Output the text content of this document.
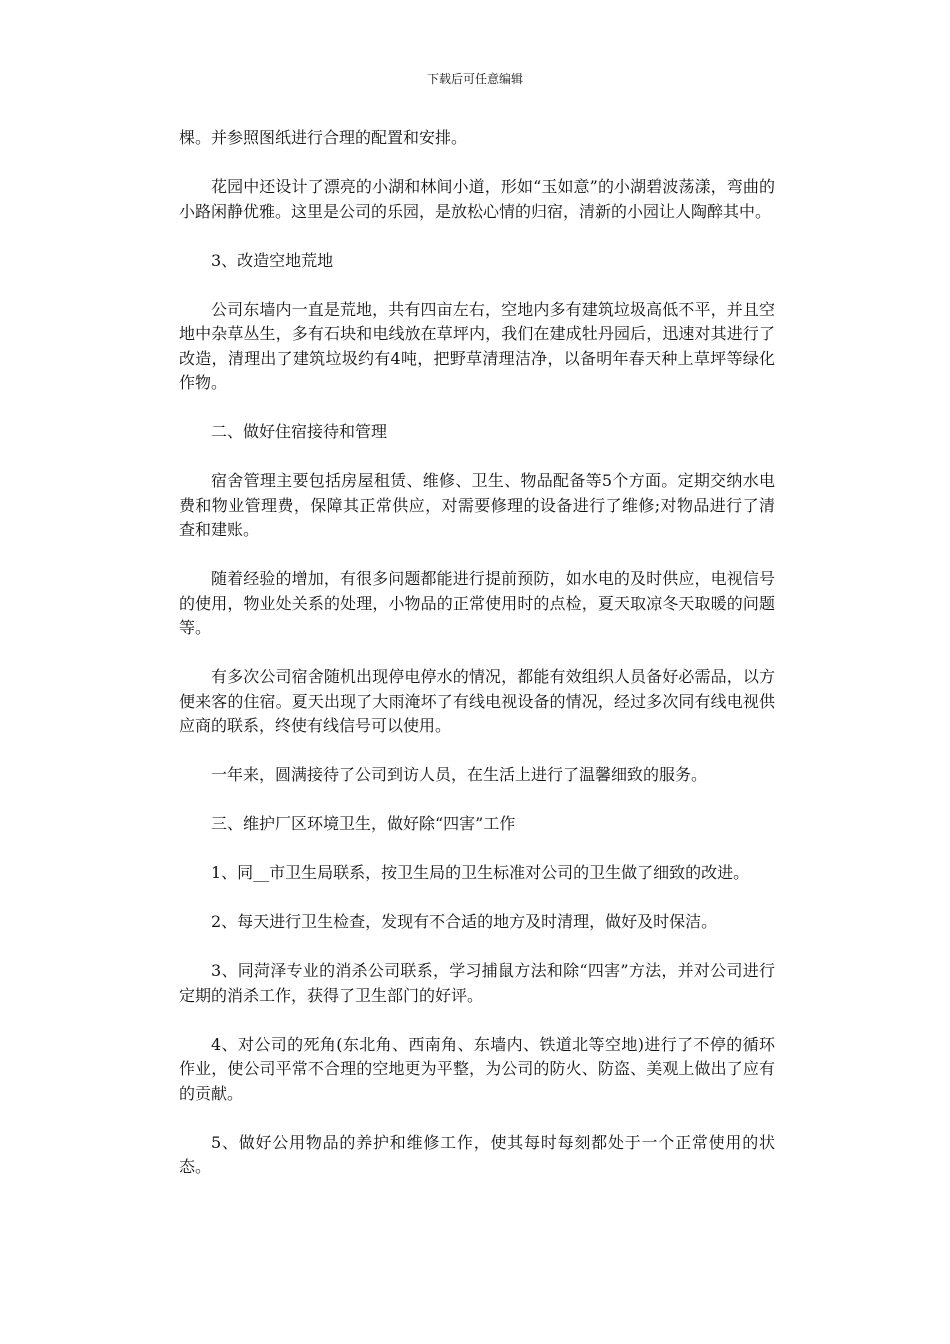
下载后可任意编辑

棵。并参照图纸进行合理的配置和安排。

花园中还设计了漂亮的小湖和林间小道，形如“玉如意”的小湖碧波荡漾，弯曲的小路闲静优雅。这里是公司的乐园，是放松心情的归宿，清新的小园让人陶醉其中。

3、改造空地荒地

公司东墙内一直是荒地，共有四亩左右，空地内多有建筑垃圾高低不平，并且空地中杂草丛生，多有石块和电线放在草坪内，我们在建成牡丹园后，迅速对其进行了改造，清理出了建筑垃圾约有4吨，把野草清理洁净，以备明年春天种上草坪等绿化作物。

二、做好住宿接待和管理

宿舍管理主要包括房屋租赁、维修、卫生、物品配备等5个方面。定期交纳水电费和物业管理费，保障其正常供应，对需要修理的设备进行了维修;对物品进行了清查和建账。

随着经验的增加，有很多问题都能进行提前预防，如水电的及时供应，电视信号的使用，物业处关系的处理，小物品的正常使用时的点检，夏天取凉冬天取暖的问题等。

有多次公司宿舍随机出现停电停水的情况，都能有效组织人员备好必需品，以方便来客的住宿。夏天出现了大雨淹坏了有线电视设备的情况，经过多次同有线电视供应商的联系，终使有线信号可以使用。

一年来，圆满接待了公司到访人员，在生活上进行了温馨细致的服务。

三、维护厂区环境卫生，做好除“四害”工作

1、同__市卫生局联系，按卫生局的卫生标准对公司的卫生做了细致的改进。

2、每天进行卫生检查，发现有不合适的地方及时清理，做好及时保洁。

3、同菏泽专业的消杀公司联系，学习捕鼠方法和除“四害”方法，并对公司进行定期的消杀工作，获得了卫生部门的好评。

4、对公司的死角(东北角、西南角、东墙内、铁道北等空地)进行了不停的循环作业，使公司平常不合理的空地更为平整，为公司的防火、防盗、美观上做出了应有的贡献。

5、做好公用物品的养护和维修工作，使其每时每刻都处于一个正常使用的状态。
